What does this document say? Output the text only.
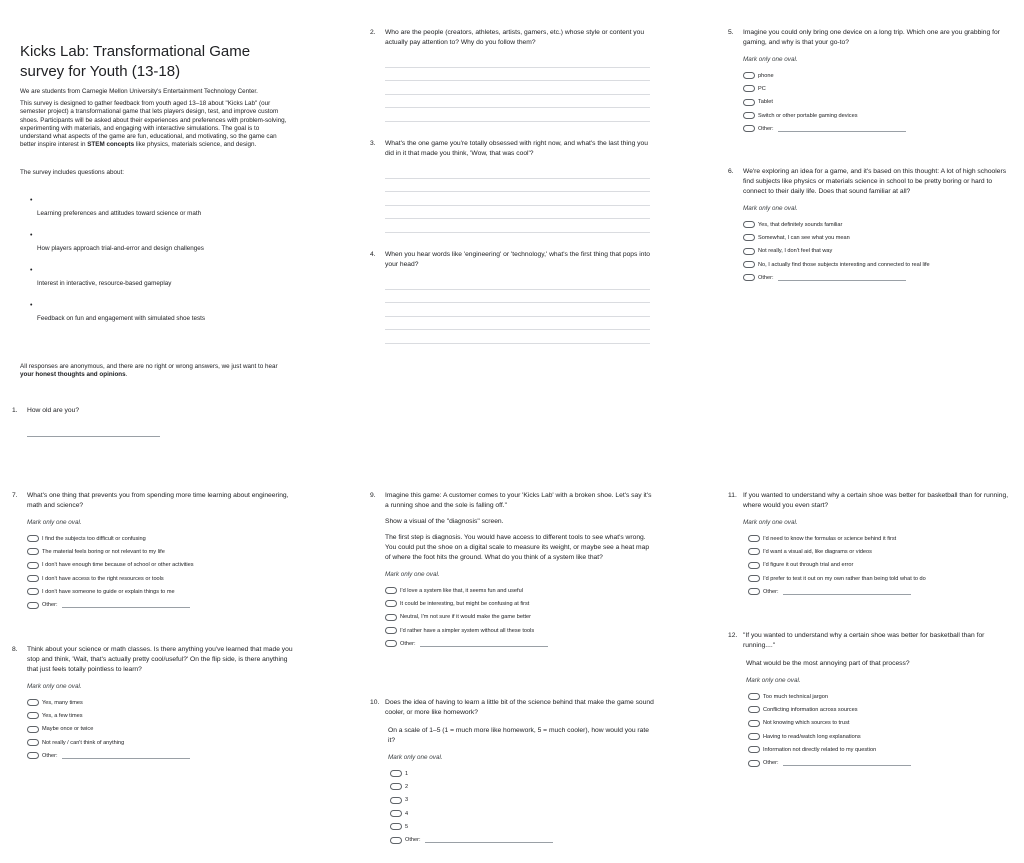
Kicks Lab: Transformational Game survey for Youth (13-18)

We are students from Carnegie Mellon University's Entertainment Technology Center.

This survey is designed to gather feedback from youth aged 13–18 about "Kicks Lab" (our semester project) a transformational game that lets players design, test, and improve custom shoes. Participants will be asked about their experiences and preferences with problem-solving, experimenting with materials, and engaging with interactive simulations. The goal is to understand what aspects of the game are fun, educational, and motivating, so the game can better inspire interest in STEM concepts like physics, materials science, and design.

The survey includes questions about:

•
Learning preferences and attitudes toward science or math
•
How players approach trial-and-error and design challenges
•
Interest in interactive, resource-based gameplay
•
Feedback on fun and engagement with simulated shoe tests

All responses are anonymous, and there are no right or wrong answers, we just want to hear your honest thoughts and opinions.

1.	How old are you?
7.	What's one thing that prevents you from spending more time learning about engineering, math and science?
Mark only one oval.
I find the subjects too difficult or confusing
The material feels boring or not relevant to my life
I don't have enough time because of school or other activities
I don't have access to the right resources or tools
I don't have someone to guide or explain things to me
Other:
8.	Think about your science or math classes. Is there anything you've learned that made you stop and think, 'Wait, that's actually pretty cool/useful?' On the flip side, is there anything that just feels totally pointless to learn?
Mark only one oval.
Yes, many times
Yes, a few times
Maybe once or twice
Not really / can't think of anything
Other:
2.	Who are the people (creators, athletes, artists, gamers, etc.) whose style or content you actually pay attention to? Why do you follow them?
3.	What's the one game you're totally obsessed with right now, and what's the last thing you did in it that made you think, 'Wow, that was cool'?
4.	When you hear words like 'engineering' or 'technology,' what's the first thing that pops into your head?
9.	Imagine this game: A customer comes to your 'Kicks Lab' with a broken shoe. Let's say it's a running shoe and the sole is falling off."
Show a visual of the "diagnosis" screen.
The first step is diagnosis. You would have access to different tools to see what's wrong. You could put the shoe on a digital scale to measure its weight, or maybe see a heat map of where the foot hits the ground. What do you think of a system like that?
Mark only one oval.
I'd love a system like that, it seems fun and useful
It could be interesting, but might be confusing at first
Neutral, I'm not sure if it would make the game better
I'd rather have a simpler system without all these tools
Other:
10. Does the idea of having to learn a little bit of the science behind that make the game sound cooler, or more like homework?
On a scale of 1–5 (1 = much more like homework, 5 = much cooler), how would you rate it?
Mark only one oval.
1
2
3
4
5
Other:
5.	Imagine you could only bring one device on a long trip. Which one are you grabbing for gaming, and why is that your go-to?
Mark only one oval.
phone
PC
Tablet
Switch or other portable gaming devices
Other:
6.	We're exploring an idea for a game, and it's based on this thought: A lot of high schoolers find subjects like physics or materials science in school to be pretty boring or hard to connect to their daily life. Does that sound familiar at all?
Mark only one oval.
Yes, that definitely sounds familiar
Somewhat, I can see what you mean
Not really, I don't feel that way
No, I actually find those subjects interesting and connected to real life
Other:
11. If you wanted to understand why a certain shoe was better for basketball than for running, where would you even start?
Mark only one oval.
I'd need to know the formulas or science behind it first
I'd want a visual aid, like diagrams or videos
I'd figure it out through trial and error
I'd prefer to test it out on my own rather than being told what to do
Other:
12. "If you wanted to understand why a certain shoe was better for basketball than for running...."
What would be the most annoying part of that process?
Mark only one oval.
Too much technical jargon
Conflicting information across sources
Not knowing which sources to trust
Having to read/watch long explanations
Information not directly related to my question
Other:
